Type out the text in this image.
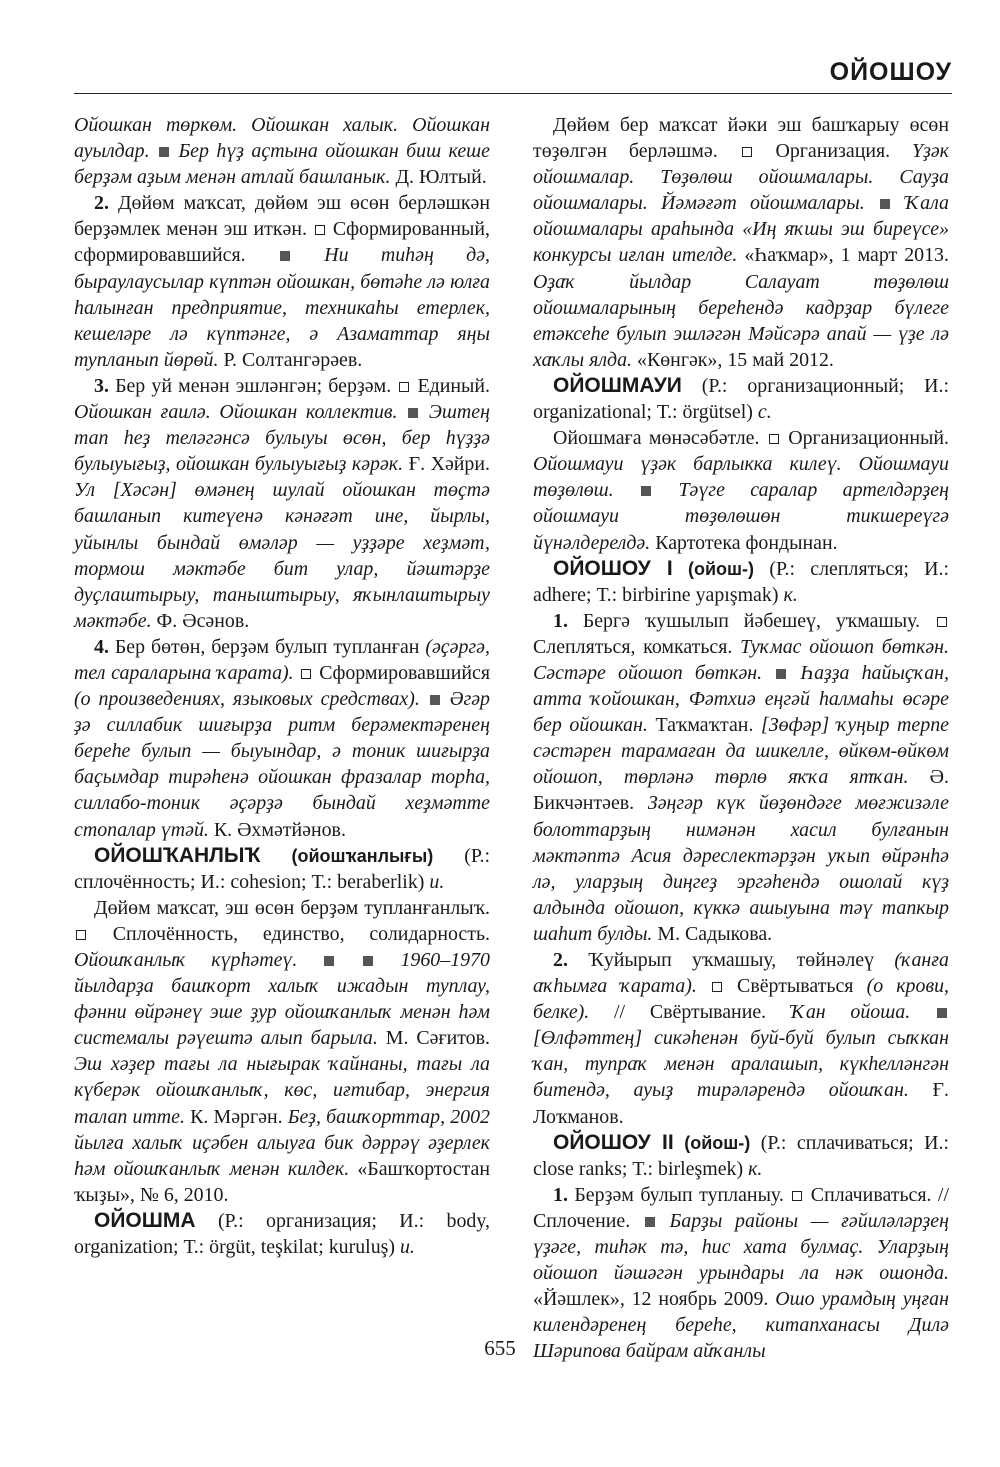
ОЙОШОУ

Ойошкан төркөм. Ойошкан халык. Ойошкан ауылдар. Бер һүҙ аҫтына ойошкан биш кеше берҙәм аҙым менән атлай башланык. Д. Юлтый.

2. Дөйөм маҡсат, дөйөм эш өсөн берләшкән берҙәмлек менән эш иткән. Сформированный, сформировавшийся.	Ни тиһәң дә, быраулаусылар күптән ойошкан, бөтәһе лә юлға һалынған предприятие, техникаһы етерлек, кешеләре лә күптәнге, ә Азаматтар яңы тупланып йөрөй. Р. Солтангәрәев.

3. Бер уй менән эшләнгән; берҙәм. Единый. Ойошкан ғаилә. Ойошкан коллектив. Эштең тап һеҙ теләгәнсә булыуы өсөн, бер һүҙҙә булыуығыҙ, ойошкан булыуығыҙ кәрәк. Ғ. Хәйри. Ул [Хәсән] өмәнең шулай ойошкан төҫтә башланып китеүенә кәнәғәт ине, йырлы, уйынлы бындай өмәләр — уҙҙәре хеҙмәт, тормош мәктәбе бит улар, йәштәрҙе дуҫлаштырыу, таныштырыу, яҡынлаштырыу мәктәбе. Ф. Әсәнов.

4. Бер бөтөн, берҙәм булып тупланған (әҫәргә, тел сараларына ҡарата). Сформировавшийся (о произведениях, языковых средствах). Әгәр ҙә силлабик шиғырҙа ритм берәмектәренең береһе булып — быуындар, ә тоник шиғырҙа баҫымдар тирәһенә ойошкан фразалар торһа, силлабо-тоник әҫәрҙә бындай хеҙмәтте стопалар үтәй. К. Әхмәтйәнов.

ОЙОШҠАНЛЫҠ (ойошҡанлығы) (Р.: сплочённость; И.: cohesion; Т.: beraberlik) и.

Дөйөм маҡсат, эш өсөн берҙәм тупланғанлыҡ.  Сплочённость, единство, солидарность. Ойошҡанлыҡ күрһәтеү.	1960–1970 йылдарҙа башҡорт халыҡ ижадын туплау, фәнни өйрәнеү эше ҙур ойошҡанлыҡ менән һәм системалы рәүештә алып барыла. М. Сәғитов. Эш хәҙер тағы ла нығырак ҡайнаны, тағы ла күберәк ойошҡанлыҡ, көс, иғтибар, энергия талап итте. К. Мәргән. Беҙ, башҡорттар, 2002 йылға халыҡ иҫәбен алыуға бик дәррәү әҙерлек һәм ойошҡанлыҡ менән килдек. «Башҡортостан ҡыҙы», № 6, 2010.

ОЙОШМА (Р.: организация; И.: body, organization; Т.: örgüt, teşkilat; kuruluş) и.

Дөйөм бер маҡсат йәки эш башҡарыу өсөн төҙөлгән берләшмә.	Организация. Үҙәк ойошмалар. Төҙөлөш ойошмалары. Сауҙа ойошмалары. Йәмәғәт ойошмалары. Ҡала ойошмалары араһында «Иң яҡшы эш биреүсе» конкурсы иғлан ителде. «Һаҡмар», 1 март 2013. Оҙаҡ йылдар Салауат төҙөлөш ойошмаларының береһендә кадрҙар бүлеге етәксеһе булып эшләгән Мәйсәрә апай — үҙе лә хаҡлы ялда. «Көнгәк», 15 май 2012.

ОЙОШМАУИ (Р.: организационный; И.: organizational; Т.: örgütsel) с.

Ойошмаға мөнәсәбәтле. Организационный. Ойошмауи үҙәк барлыкка килеү. Ойошмауи төҙөлөш.	Тәүге саралар артелдәрҙең ойошмауи төҙөлөшөн тикшереүгә йүнәлдерелдә. Картотека фондынан.

ОЙОШОУ I (ойош-) (Р.: слепляться; И.: adhere; Т.: birbirine yapışmak) к.

1. Бергә ҡушылып йәбешеү, уҡмашыу.  Слепляться, комкаться. Туҡмас ойошоп бөткән. Сәстәре ойошоп бөткән. Һаҙҙа һайыҫҡан, атта ҡойошкан, Фәтхиә еңгәй һалмаһы өсәре бер ойошкан. Таҡмаҡтан. [Зөфәр] ҡуңыр терпе сәстәрен тарамаған да шикелле, өйкөм-өйкөм ойошоп, төрләнә төрлө яҡҡа ятҡан. Ә. Бикчәнтәев. Зәңгәр күк йөҙөндәге мөғжизәле болоттарҙың нимәнән хасил булғанын мәктәптә Асия дәреслектәрҙән уҡып өйрәнһә лә, уларҙың диңгеҙ эргәһендә ошолай күҙ алдында ойошоп, күккә ашыуына тәү тапкыр шаһит булды. М. Садыкова.

2. Ҡуйырып уҡмашыу, төйнәлеү (ҡанға аҡһымға ҡарата). Свёртываться (о крови, белке). // Свёртывание. Ҡан ойоша.  [Өлфәттең] сикәһенән буй-буй булып сыҡкан ҡан, тупраҡ менән аралашып, күкһелләнгән битендә, ауыҙ тирәләрендә ойошҡан. Ғ. Лоҡманов.

ОЙОШОУ II (ойош-) (Р.: сплачиваться; И.: close ranks; Т.: birleşmek) к.

1. Берҙәм булып тупланыу. Сплачиваться. // Сплочение. Барҙы районы — ғәйиләләрҙең үҙәге, тиһәк тә, һис хата булмаҫ. Уларҙың ойошоп йәшәгән урындары ла нәк ошонда. «Йәшлек», 12 ноябрь 2009. Ошо урамдың уңған килендәренең береһе, китапханасы Дилә Шәрипова байрам айҡанлы

655
